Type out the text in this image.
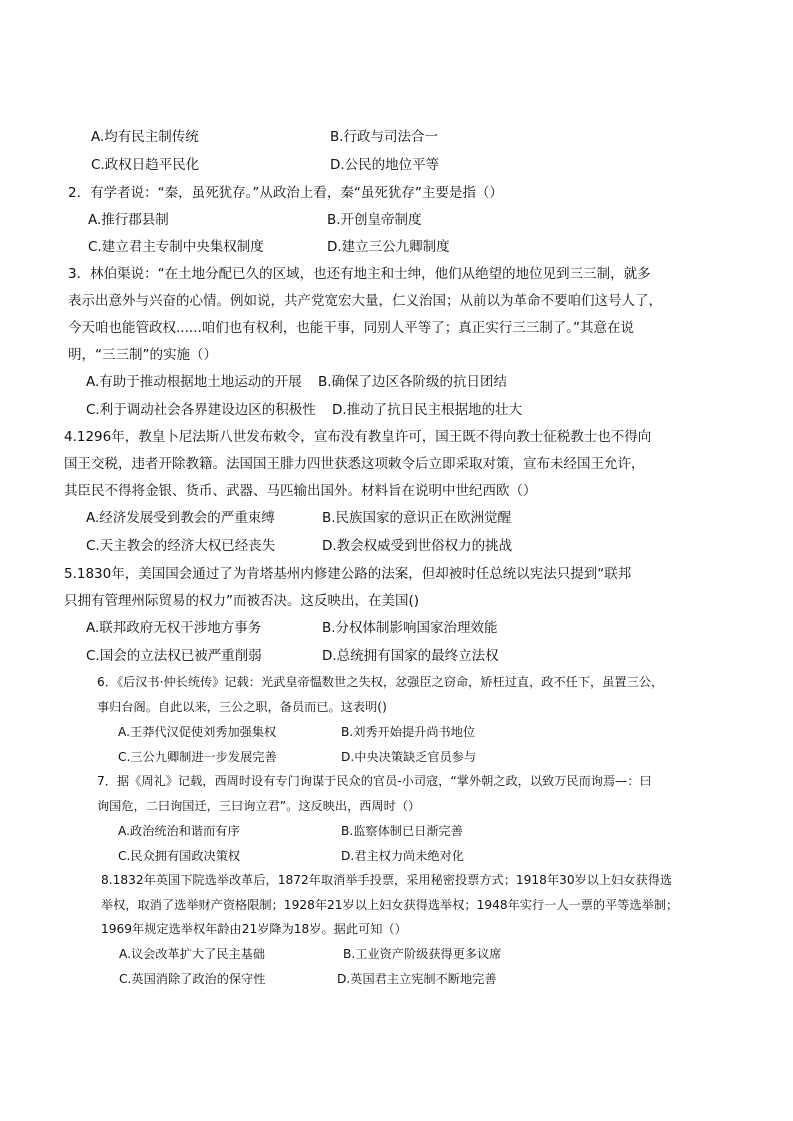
A.均有民主制传统	B.行政与司法合一
C.政权日趋平民化	D.公民的地位平等
2．有学者说：“秦，虽死犹存。”从政治上看，秦“虽死犹存”主要是指（）
A.推行郡县制	B.开创皇帝制度
C.建立君主专制中央集权制度	D.建立三公九卿制度
3．林伯渠说：“在土地分配已久的区域，也还有地主和士绅，他们从绝望的地位见到三三制，就多
表示出意外与兴奋的心情。例如说，共产党宽宏大量，仁义治国；从前以为革命不要咱们这号人了，
今天咱也能管政权......咱们也有权利，也能干事，同别人平等了；真正实行三三制了。”其意在说
明，“三三制”的实施（）
A.有助于推动根据地土地运动的开展 B.确保了边区各阶级的抗日团结
C.利于调动社会各界建设边区的积极性 D.推动了抗日民主根据地的壮大
4.1296年，教皇卜尼法斯八世发布敕令，宣布没有教皇许可，国王既不得向教士征税教士也不得向
国王交税，违者开除教籍。法国国王腓力四世获悉这项敕令后立即采取对策，宣布未经国王允许，
其臣民不得将金银、货币、武器、马匹输出国外。材料旨在说明中世纪西欧（）
A.经济发展受到教会的严重束缚	B.民族国家的意识正在欧洲觉醒
C.天主教会的经济大权已经丧失	D.教会权威受到世俗权力的挑战
5.1830年，美国国会通过了为肯塔基州内修建公路的法案，但却被时任总统以宪法只提到“联邦
只拥有管理州际贸易的权力”而被否决。这反映出，在美国()
A.联邦政府无权干涉地方事务	B.分权体制影响国家治理效能
C.国会的立法权已被严重削弱	D.总统拥有国家的最终立法权
6．《后汉书·仲长统传》记载：光武皇帝愠数世之失权，忿强臣之窃命，矫枉过直，政不任下，虽置三公，
事归台阁。自此以来，三公之职，备员而已。这表明()
A.王莽代汉促使刘秀加强集权	B.刘秀开始提升尚书地位
C.三公九卿制进一步发展完善	D.中央决策缺乏官员参与
7．据《周礼》记载，西周时设有专门询谋于民众的官员-小司寇，“掌外朝之政，以致万民而询焉—：曰
询国危，二曰询国迁，三曰询立君”。这反映出，西周时（）
A.政治统治和谐而有序	B.监察体制已日渐完善
C.民众拥有国政决策权	D.君主权力尚未绝对化
8.1832年英国下院选举改革后，1872年取消举手投票，采用秘密投票方式；1918年30岁以上妇女获得选
举权，取消了选举财产资格限制；1928年21岁以上妇女获得选举权；1948年实行一人一票的平等选举制；
1969年规定选举权年龄由21岁降为18岁。据此可知（）
A.议会改革扩大了民主基础	B.工业资产阶级获得更多议席
C.英国消除了政治的保守性	D.英国君主立宪制不断地完善
